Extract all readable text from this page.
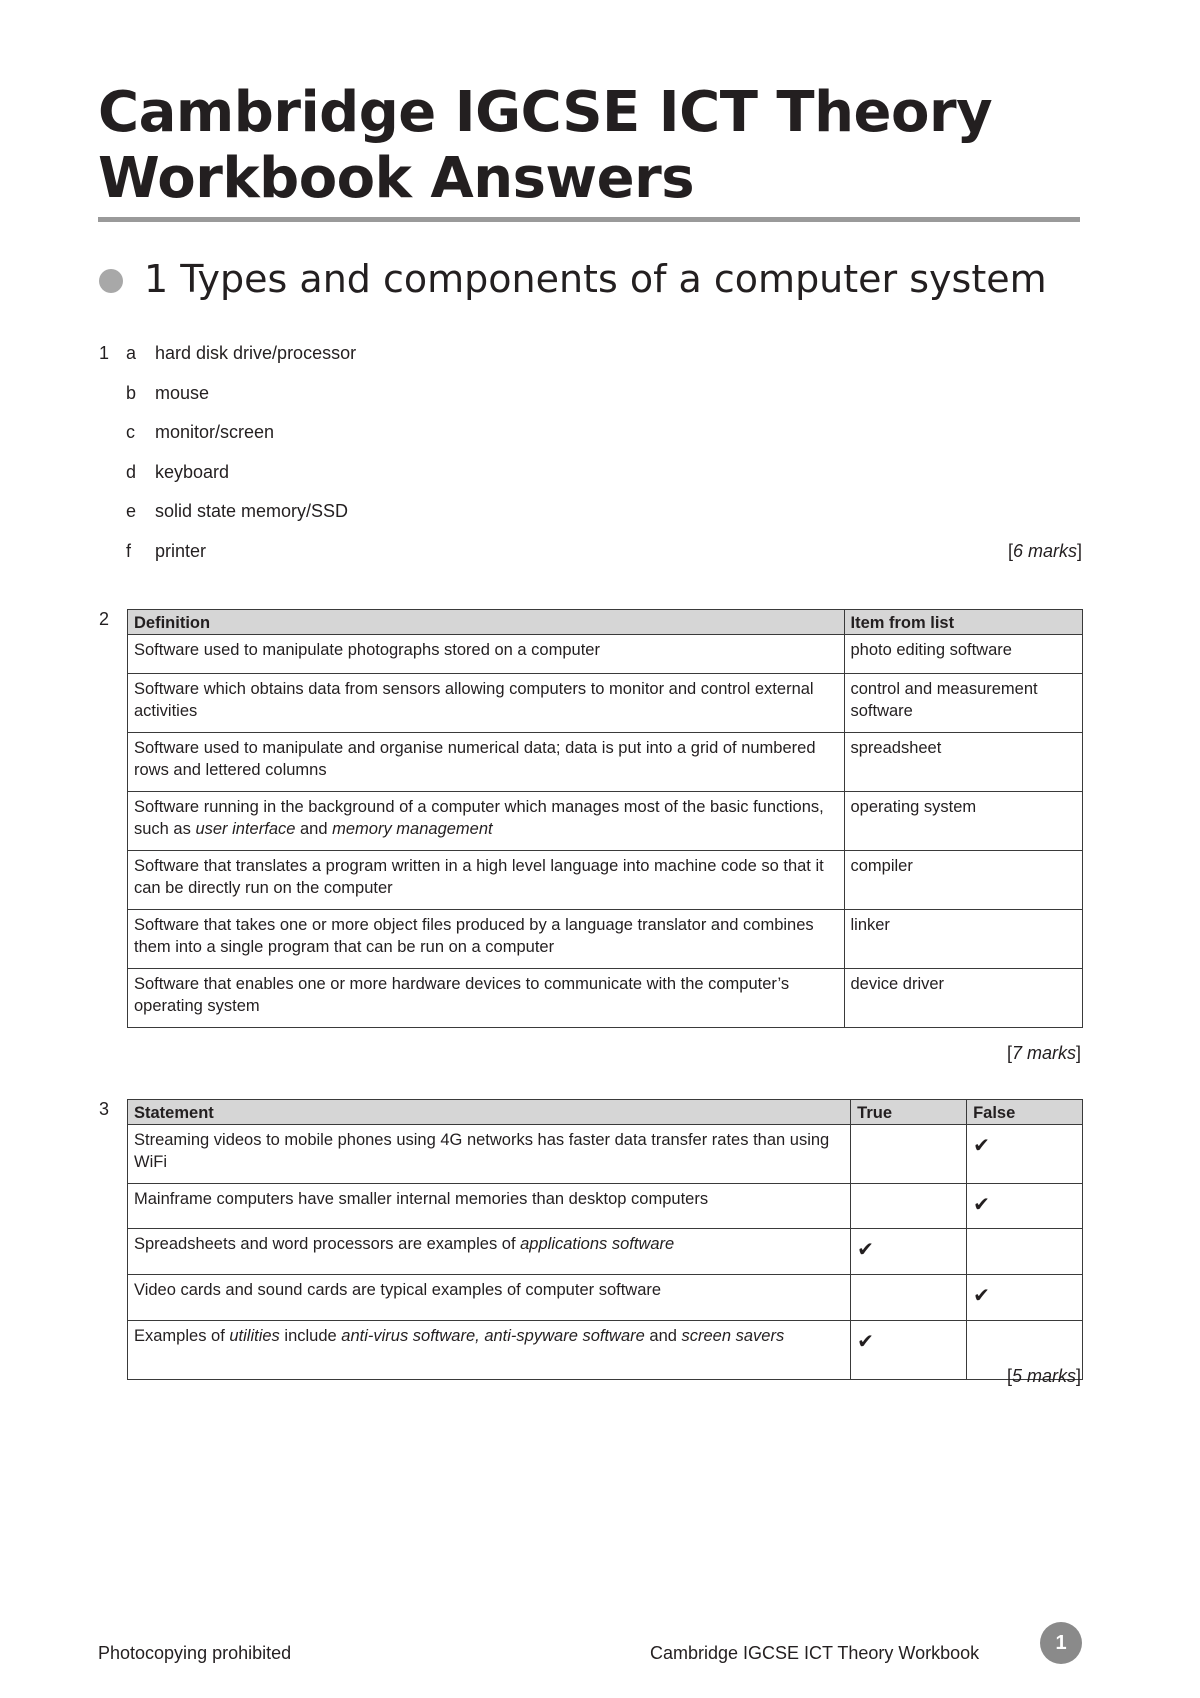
Cambridge IGCSE ICT Theory
Workbook Answers
1 Types and components of a computer system
1 a hard disk drive/processor
b mouse
c monitor/screen
d keyboard
e solid state memory/SSD
f printer	[6 marks]
2 Definition	Item from list
Software used to manipulate photographs stored on a computer	photo editing software
Software which obtains data from sensors allowing computers to monitor and control external activities	control and measurement software
Software used to manipulate and organise numerical data; data is put into a grid of numbered rows and lettered columns	spreadsheet
Software running in the background of a computer which manages most of the basic functions, such as user interface and memory management	operating system
Software that translates a program written in a high level language into machine code so that it can be directly run on the computer	compiler
Software that takes one or more object files produced by a language translator and combines them into a single program that can be run on a computer	linker
Software that enables one or more hardware devices to communicate with the computer’s operating system	device driver
[7 marks]
3 Statement	True	False
Streaming videos to mobile phones using 4G networks has faster data transfer rates than using WiFi		✔
Mainframe computers have smaller internal memories than desktop computers		✔
Spreadsheets and word processors are examples of applications software	✔	
Video cards and sound cards are typical examples of computer software		✔
Examples of utilities include anti-virus software, anti-spyware software and screen savers	✔	
[5 marks]
Photocopying prohibited	Cambridge IGCSE ICT Theory Workbook	1
